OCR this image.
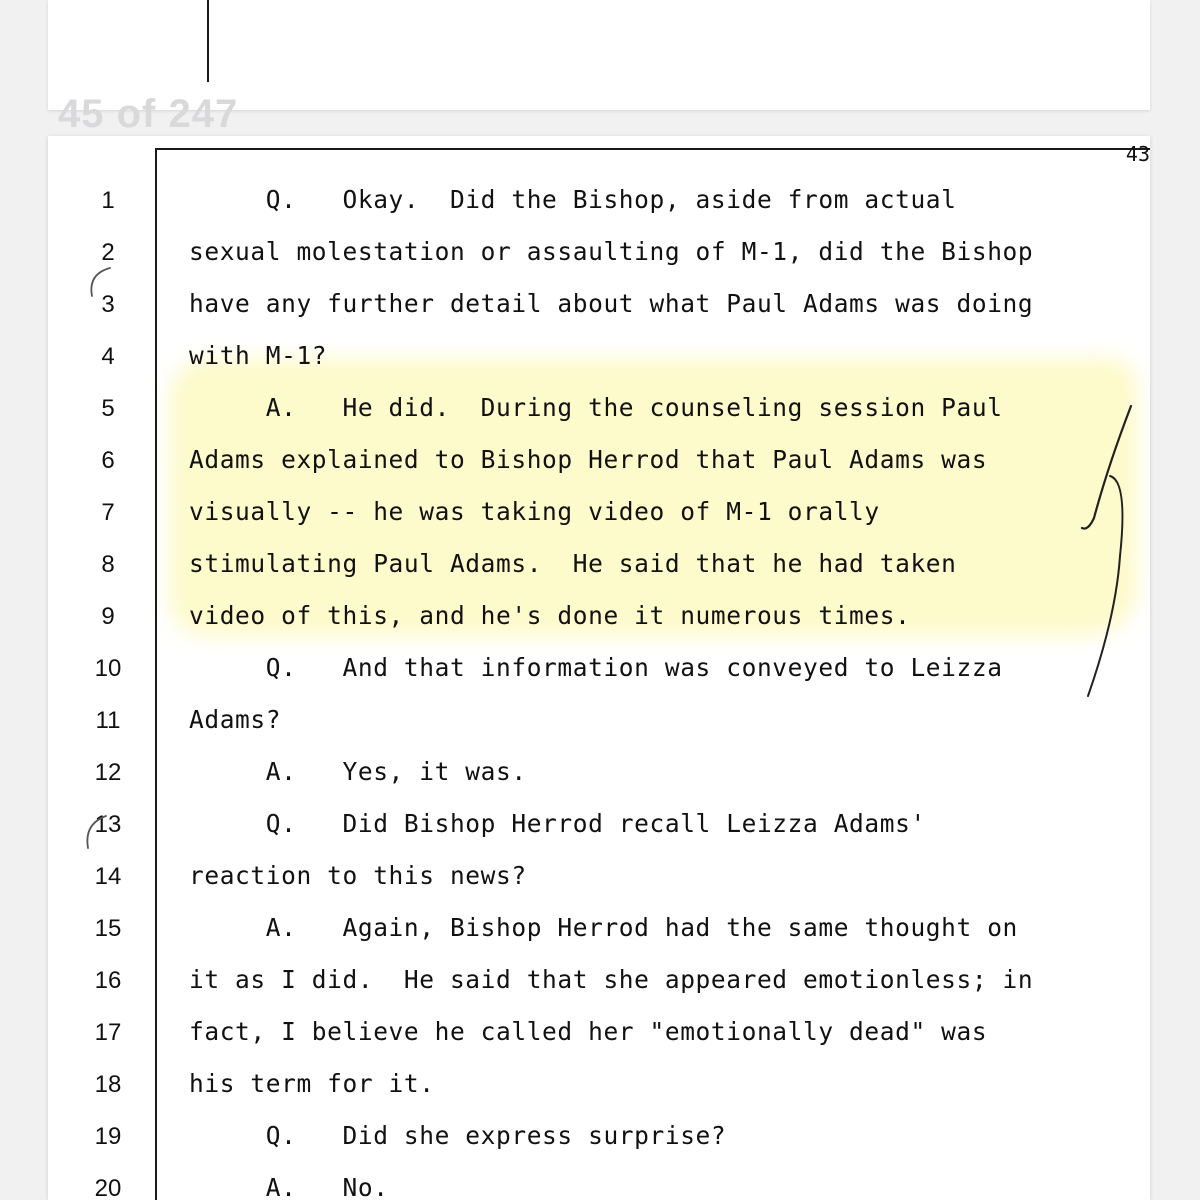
45 of 247
43
1	Q.   Okay.  Did the Bishop, aside from actual
2	sexual molestation or assaulting of M-1, did the Bishop
3	have any further detail about what Paul Adams was doing
4	with M-1?
5	A.   He did.  During the counseling session Paul
6	Adams explained to Bishop Herrod that Paul Adams was
7	visually -- he was taking video of M-1 orally
8	stimulating Paul Adams.  He said that he had taken
9	video of this, and he's done it numerous times.
10	Q.   And that information was conveyed to Leizza
11	Adams?
12	A.   Yes, it was.
13	Q.   Did Bishop Herrod recall Leizza Adams'
14	reaction to this news?
15	A.   Again, Bishop Herrod had the same thought on
16	it as I did.  He said that she appeared emotionless; in
17	fact, I believe he called her "emotionally dead" was
18	his term for it.
19	Q.   Did she express surprise?
20	A.   No.
